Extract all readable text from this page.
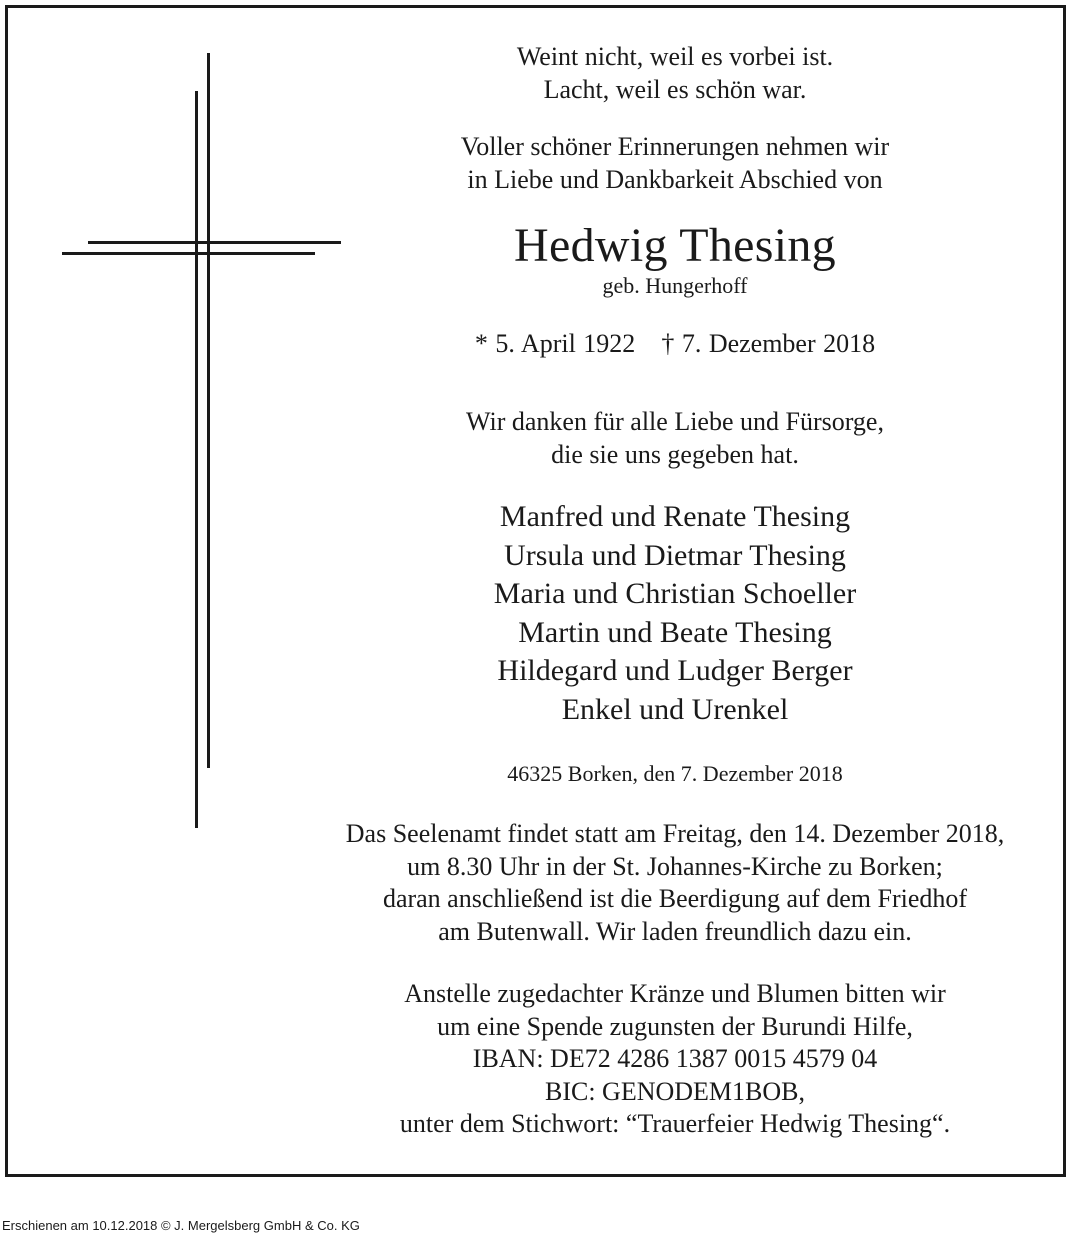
Weint nicht, weil es vorbei ist.
Lacht, weil es schön war.
Voller schöner Erinnerungen nehmen wir
in Liebe und Dankbarkeit Abschied von
Hedwig Thesing
geb. Hungerhoff
* 5. April 1922 † 7. Dezember 2018
Wir danken für alle Liebe und Fürsorge,
die sie uns gegeben hat.
Manfred und Renate Thesing
Ursula und Dietmar Thesing
Maria und Christian Schoeller
Martin und Beate Thesing
Hildegard und Ludger Berger
Enkel und Urenkel
46325 Borken, den 7. Dezember 2018
Das Seelenamt findet statt am Freitag, den 14. Dezember 2018,
um 8.30 Uhr in der St. Johannes-Kirche zu Borken;
daran anschließend ist die Beerdigung auf dem Friedhof
am Butenwall. Wir laden freundlich dazu ein.
Anstelle zugedachter Kränze und Blumen bitten wir
um eine Spende zugunsten der Burundi Hilfe,
IBAN: DE72 4286 1387 0015 4579 04
BIC: GENODEM1BOB,
unter dem Stichwort: “Trauerfeier Hedwig Thesing“.
Erschienen am 10.12.2018 © J. Mergelsberg GmbH & Co. KG
